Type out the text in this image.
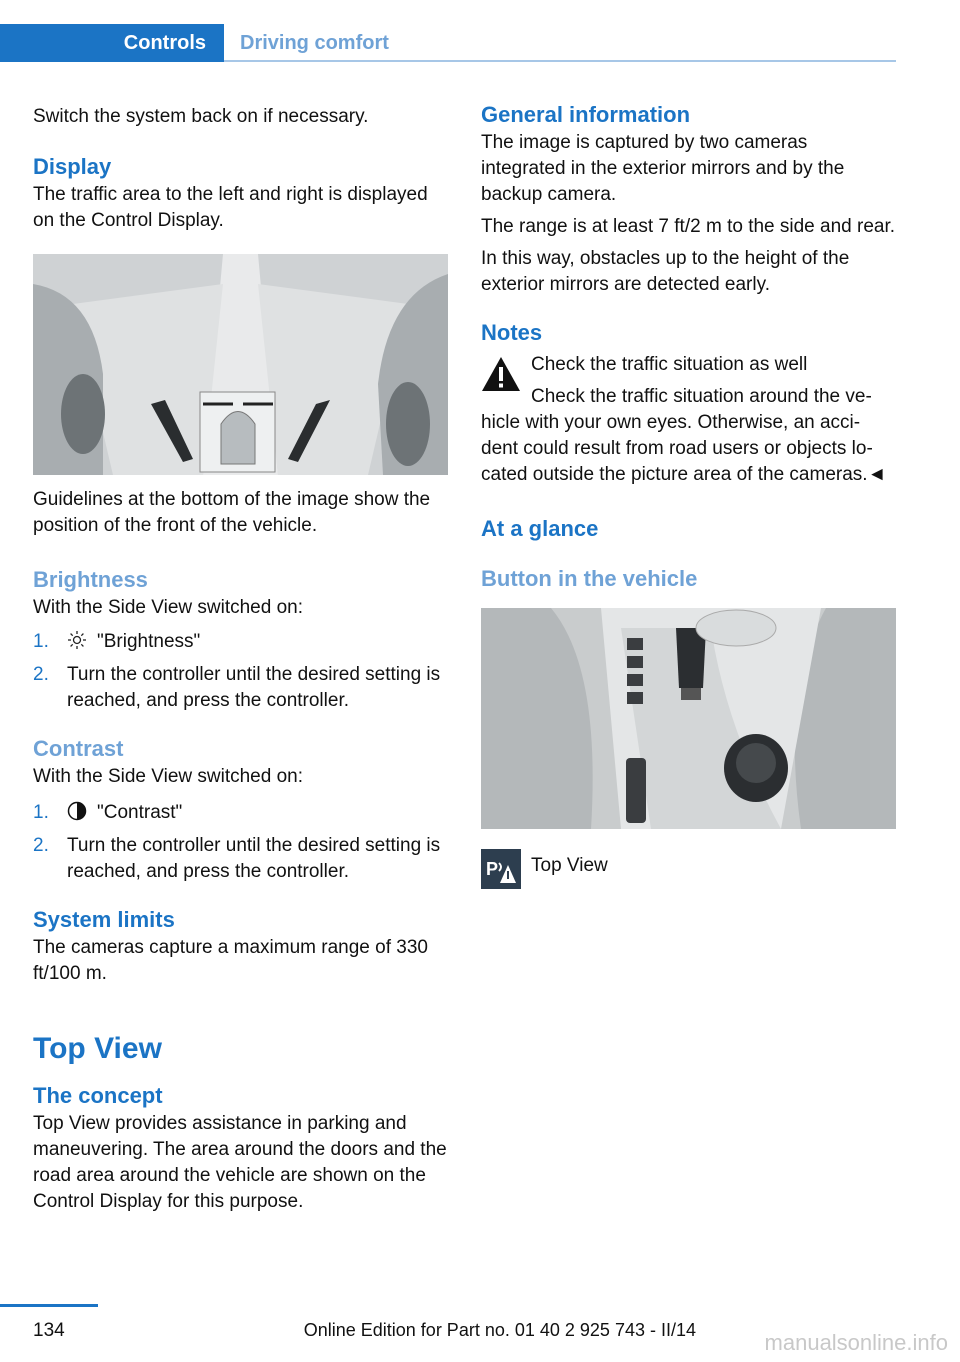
Controls	Driving comfort

Switch the system back on if necessary.

Display

The traffic area to the left and right is displayed on the Control Display.

Guidelines at the bottom of the image show the position of the front of the vehicle.

Brightness

With the Side View switched on:

1.	"Brightness"
2. Turn the controller until the desired setting is reached, and press the controller.
Contrast

With the Side View switched on:

1.	"Contrast"
2. Turn the controller until the desired setting is reached, and press the controller.
System limits

The cameras capture a maximum range of 330 ft/100 m.

Top View
The concept

Top View provides assistance in parking and maneuvering. The area around the doors and the road area around the vehicle are shown on the Control Display for this purpose.

General information

The image is captured by two cameras integrated in the exterior mirrors and by the backup camera.

The range is at least 7 ft/2 m to the side and rear.

In this way, obstacles up to the height of the exterior mirrors are detected early.

Notes

Check the traffic situation as well

Check the traffic situation around the ve-

hicle with your own eyes. Otherwise, an acci-dent could result from road users or objects lo-cated outside the picture area of the cameras.◄

At a glance
Button in the vehicle
P Top View

134	Online Edition for Part no. 01 40 2 925 743 - II/14	manualsonline.info
